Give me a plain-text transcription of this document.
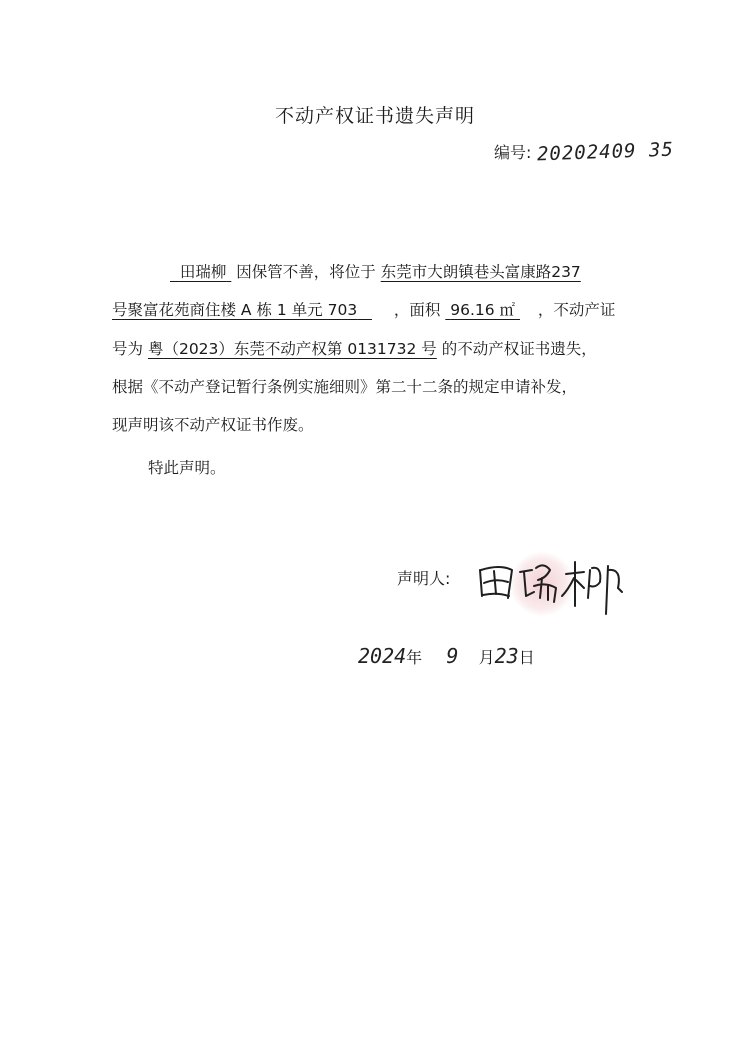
不动产权证书遗失声明
编号: 20202409 35
田瑞柳 因保管不善，将位于 东莞市大朗镇巷头富康路237
号聚富花苑商住楼 A 栋 1 单元 703 ，面积 96.16 ㎡ ，不动产证
号为 粤（2023）东莞不动产权第 0131732 号 的不动产权证书遗失，
根据《不动产登记暂行条例实施细则》第二十二条的规定申请补发，
现声明该不动产权证书作废。
特此声明。
声明人:
2024年 9 月23日
